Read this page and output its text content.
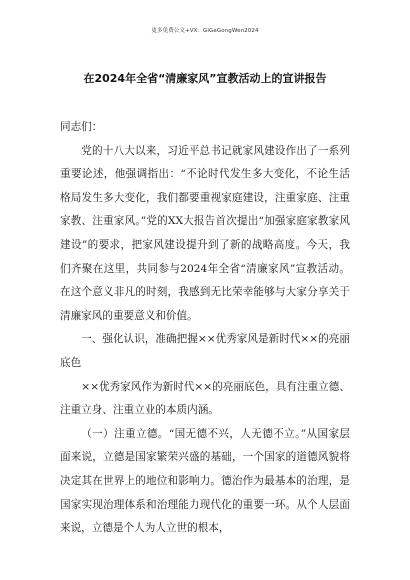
更多免费公文+VX：GiGeGongWen2024
在2024年全省“清廉家风”宣教活动上的宣讲报告

同志们：

党的十八大以来，习近平总书记就家风建设作出了一系列重要论述，他强调指出：“不论时代发生多大变化，不论生活格局发生多大变化，我们都要重视家庭建设，注重家庭、注重家教、注重家风。”党的XX大报告首次提出“加强家庭家教家风建设”的要求，把家风建设提升到了新的战略高度。今天，我们齐聚在这里，共同参与2024年全省“清廉家风”宣教活动。在这个意义非凡的时刻，我感到无比荣幸能够与大家分享关于清廉家风的重要意义和价值。

一、强化认识，准确把握××优秀家风是新时代××的亮丽底色

××优秀家风作为新时代××的亮丽底色，具有注重立德、注重立身、注重立业的本质内涵。

（一）注重立德。“国无德不兴，人无德不立。”从国家层面来说，立德是国家繁荣兴盛的基础，一个国家的道德风貌将决定其在世界上的地位和影响力。德治作为最基本的治理，是国家实现治理体系和治理能力现代化的重要一环。从个人层面来说，立德是个人为人立世的根本，
